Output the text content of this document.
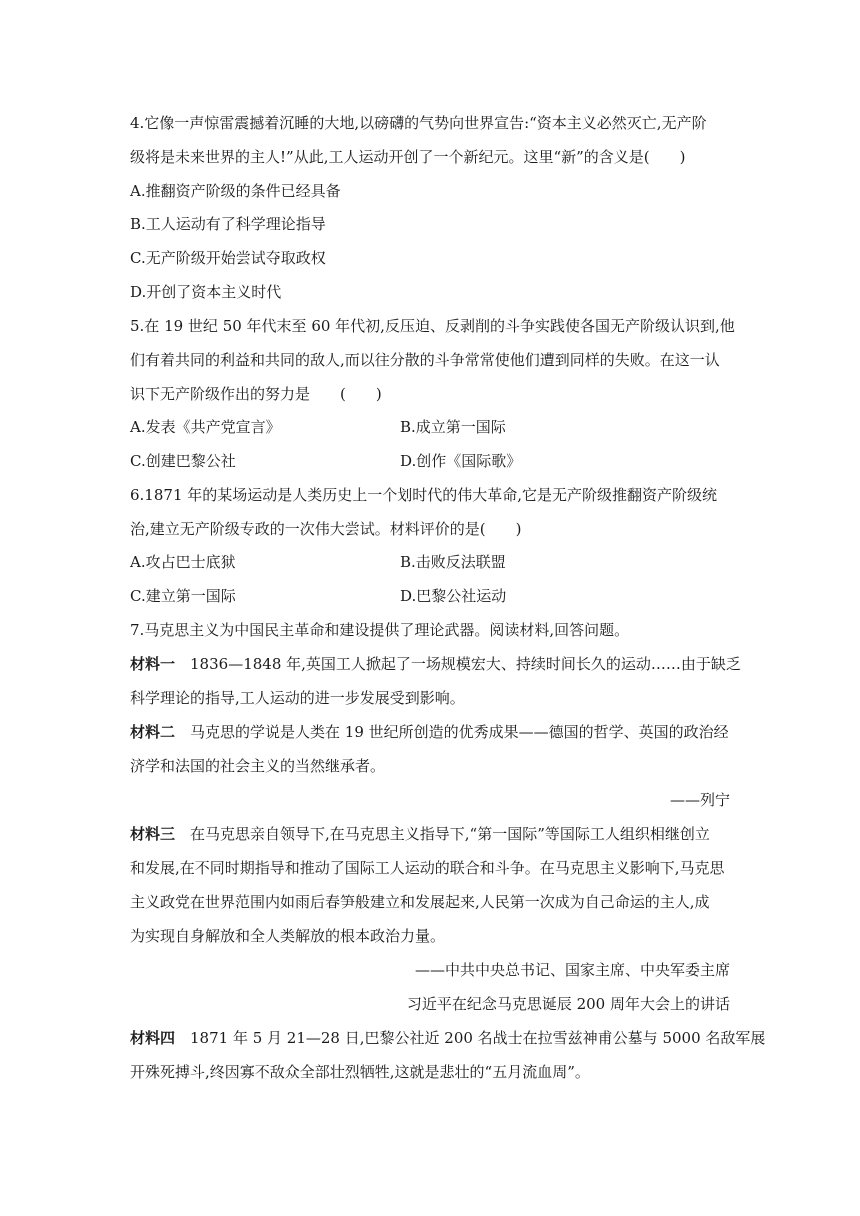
4.它像一声惊雷震撼着沉睡的大地,以磅礴的气势向世界宣告:“资本主义必然灭亡,无产阶
级将是未来世界的主人!”从此,工人运动开创了一个新纪元。这里“新”的含义是(　　)
A.推翻资产阶级的条件已经具备
B.工人运动有了科学理论指导
C.无产阶级开始尝试夺取政权
D.开创了资本主义时代
5.在 19 世纪 50 年代末至 60 年代初,反压迫、反剥削的斗争实践使各国无产阶级认识到,他
们有着共同的利益和共同的敌人,而以往分散的斗争常常使他们遭到同样的失败。在这一认
识下无产阶级作出的努力是　　(　　)
A.发表《共产党宣言》	B.成立第一国际
C.创建巴黎公社	D.创作《国际歌》
6.1871 年的某场运动是人类历史上一个划时代的伟大革命,它是无产阶级推翻资产阶级统
治,建立无产阶级专政的一次伟大尝试。材料评价的是(　　)
A.攻占巴士底狱	B.击败反法联盟
C.建立第一国际	D.巴黎公社运动
7.马克思主义为中国民主革命和建设提供了理论武器。阅读材料,回答问题。
材料一　1836—1848 年,英国工人掀起了一场规模宏大、持续时间长久的运动……由于缺乏
科学理论的指导,工人运动的进一步发展受到影响。
材料二　马克思的学说是人类在 19 世纪所创造的优秀成果——德国的哲学、英国的政治经
济学和法国的社会主义的当然继承者。
——列宁
材料三　在马克思亲自领导下,在马克思主义指导下,“第一国际”等国际工人组织相继创立
和发展,在不同时期指导和推动了国际工人运动的联合和斗争。在马克思主义影响下,马克思
主义政党在世界范围内如雨后春笋般建立和发展起来,人民第一次成为自己命运的主人,成
为实现自身解放和全人类解放的根本政治力量。
——中共中央总书记、国家主席、中央军委主席
习近平在纪念马克思诞辰 200 周年大会上的讲话
材料四　1871 年 5 月 21—28 日,巴黎公社近 200 名战士在拉雪兹神甫公墓与 5000 名敌军展
开殊死搏斗,终因寡不敌众全部壮烈牺牲,这就是悲壮的“五月流血周”。
